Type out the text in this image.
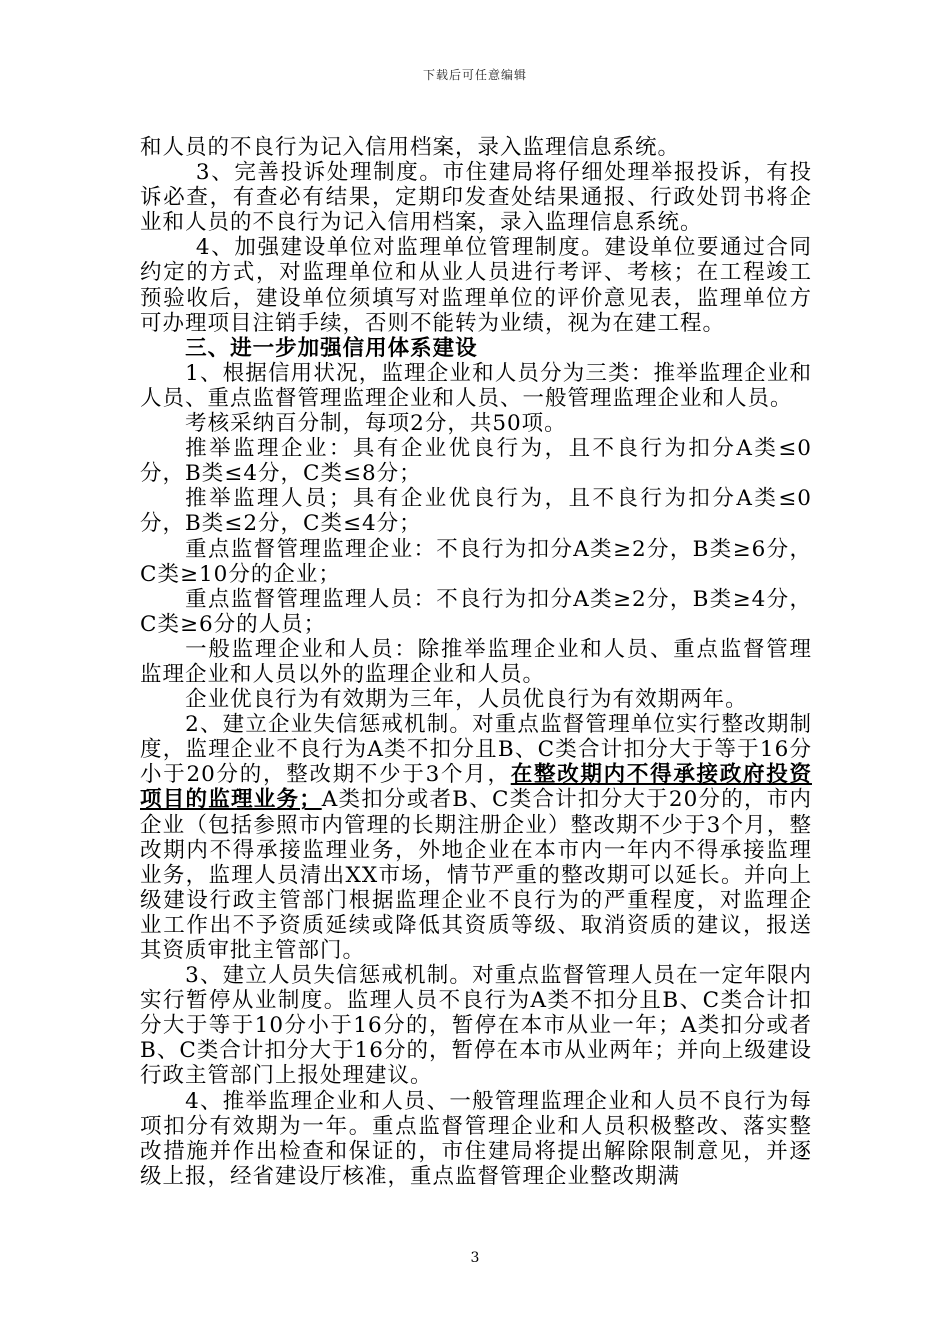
下载后可任意编辑

和人员的不良行为记入信用档案，录入监理信息系统。

3、完善投诉处理制度。市住建局将仔细处理举报投诉，有投诉必查，有查必有结果，定期印发查处结果通报、行政处罚书将企业和人员的不良行为记入信用档案，录入监理信息系统。

4、加强建设单位对监理单位管理制度。建设单位要通过合同约定的方式，对监理单位和从业人员进行考评、考核；在工程竣工预验收后，建设单位须填写对监理单位的评价意见表，监理单位方可办理项目注销手续，否则不能转为业绩，视为在建工程。

三、进一步加强信用体系建设

1、根据信用状况，监理企业和人员分为三类：推举监理企业和人员、重点监督管理监理企业和人员、一般管理监理企业和人员。

考核采纳百分制，每项2分，共50项。

推举监理企业：具有企业优良行为，且不良行为扣分A类≤0分，B类≤4分，C类≤8分；

推举监理人员；具有企业优良行为，且不良行为扣分A类≤0分，B类≤2分，C类≤4分；

重点监督管理监理企业：不良行为扣分A类≥2分，B类≥6分，C类≥10分的企业；

重点监督管理监理人员：不良行为扣分A类≥2分，B类≥4分，C类≥6分的人员；

一般监理企业和人员：除推举监理企业和人员、重点监督管理监理企业和人员以外的监理企业和人员。

企业优良行为有效期为三年，人员优良行为有效期两年。

2、建立企业失信惩戒机制。对重点监督管理单位实行整改期制度，监理企业不良行为A类不扣分且B、C类合计扣分大于等于16分小于20分的，整改期不少于3个月，在整改期内不得承接政府投资项目的监理业务；A类扣分或者B、C类合计扣分大于20分的，市内企业（包括参照市内管理的长期注册企业）整改期不少于3个月，整改期内不得承接监理业务，外地企业在本市内一年内不得承接监理业务，监理人员清出XX市场，情节严重的整改期可以延长。并向上级建设行政主管部门根据监理企业不良行为的严重程度，对监理企业工作出不予资质延续或降低其资质等级、取消资质的建议，报送其资质审批主管部门。

3、建立人员失信惩戒机制。对重点监督管理人员在一定年限内实行暂停从业制度。监理人员不良行为A类不扣分且B、C类合计扣分大于等于10分小于16分的，暂停在本市从业一年；A类扣分或者B、C类合计扣分大于16分的，暂停在本市从业两年；并向上级建设行政主管部门上报处理建议。

4、推举监理企业和人员、一般管理监理企业和人员不良行为每项扣分有效期为一年。重点监督管理企业和人员积极整改、落实整改措施并作出检查和保证的，市住建局将提出解除限制意见，并逐级上报，经省建设厅核准，重点监督管理企业整改期满

3
